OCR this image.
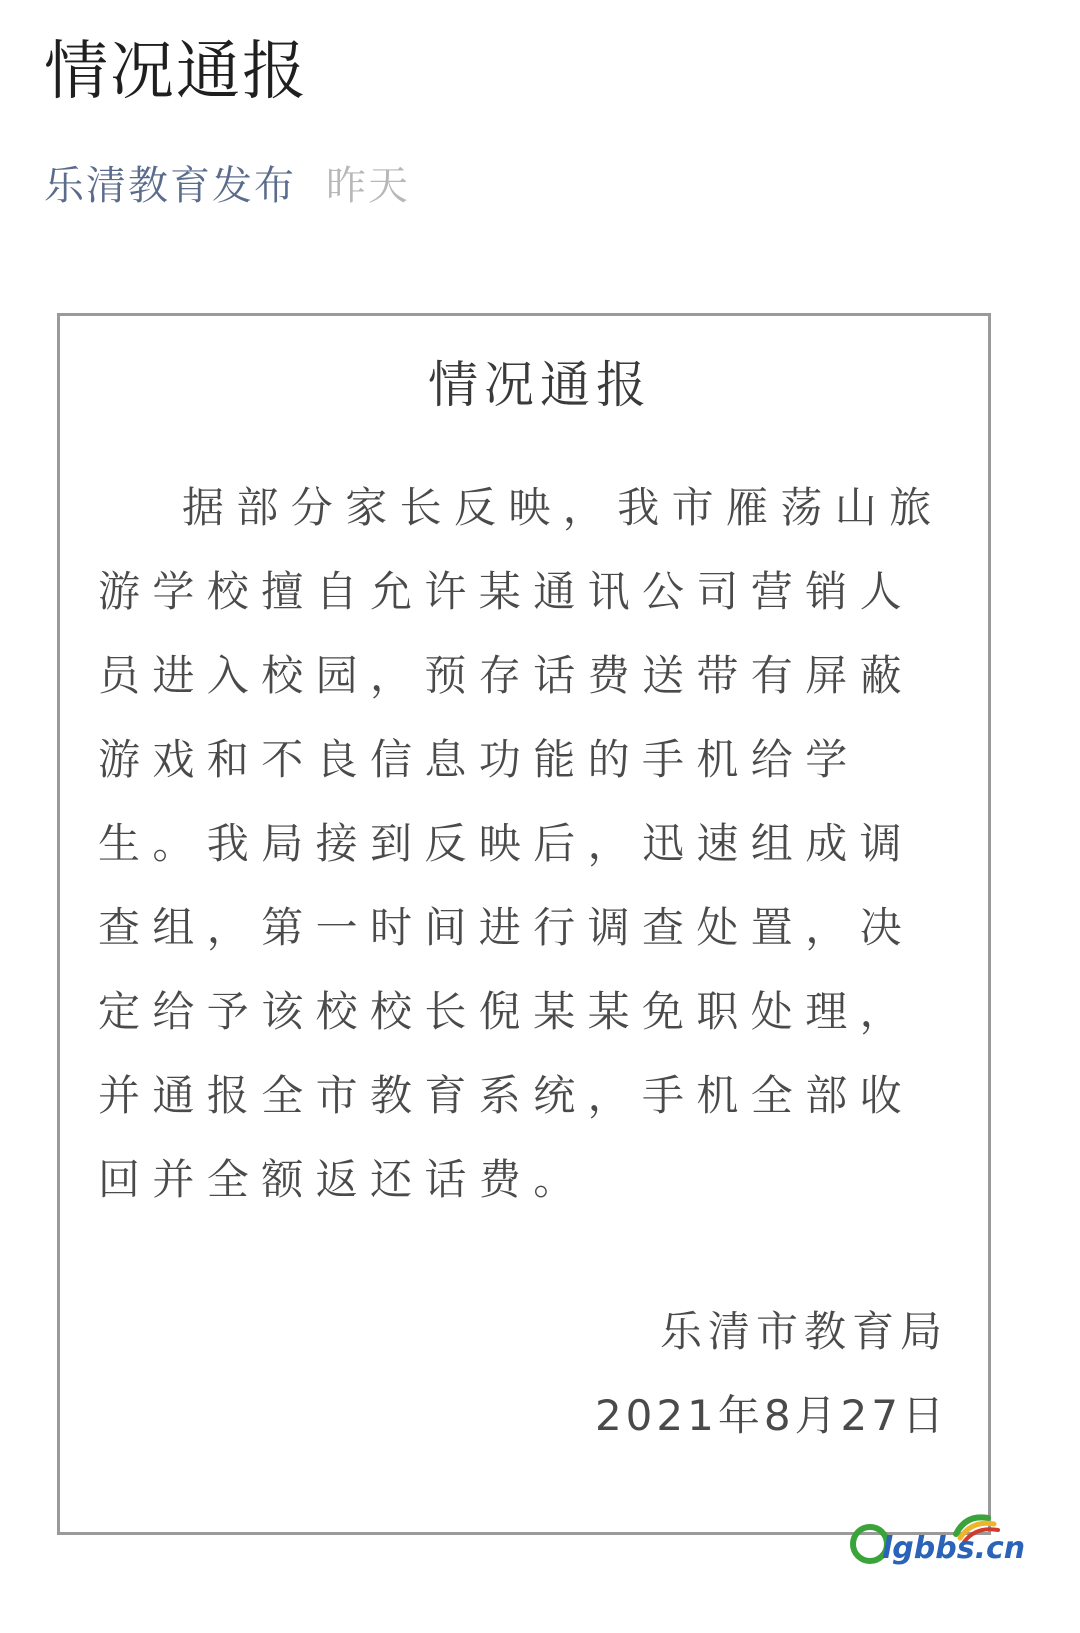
情况通报
乐清教育发布 昨天
情况通报

据部分家长反映，我市雁荡山旅游学校擅自允许某通讯公司营销人员进入校园，预存话费送带有屏蔽游戏和不良信息功能的手机给学生。我局接到反映后，迅速组成调查组，第一时间进行调查处置，决定给予该校校长倪某某免职处理，并通报全市教育系统，手机全部收回并全额返还话费。

乐清市教育局
2021年8月27日
lgbbs.cn
